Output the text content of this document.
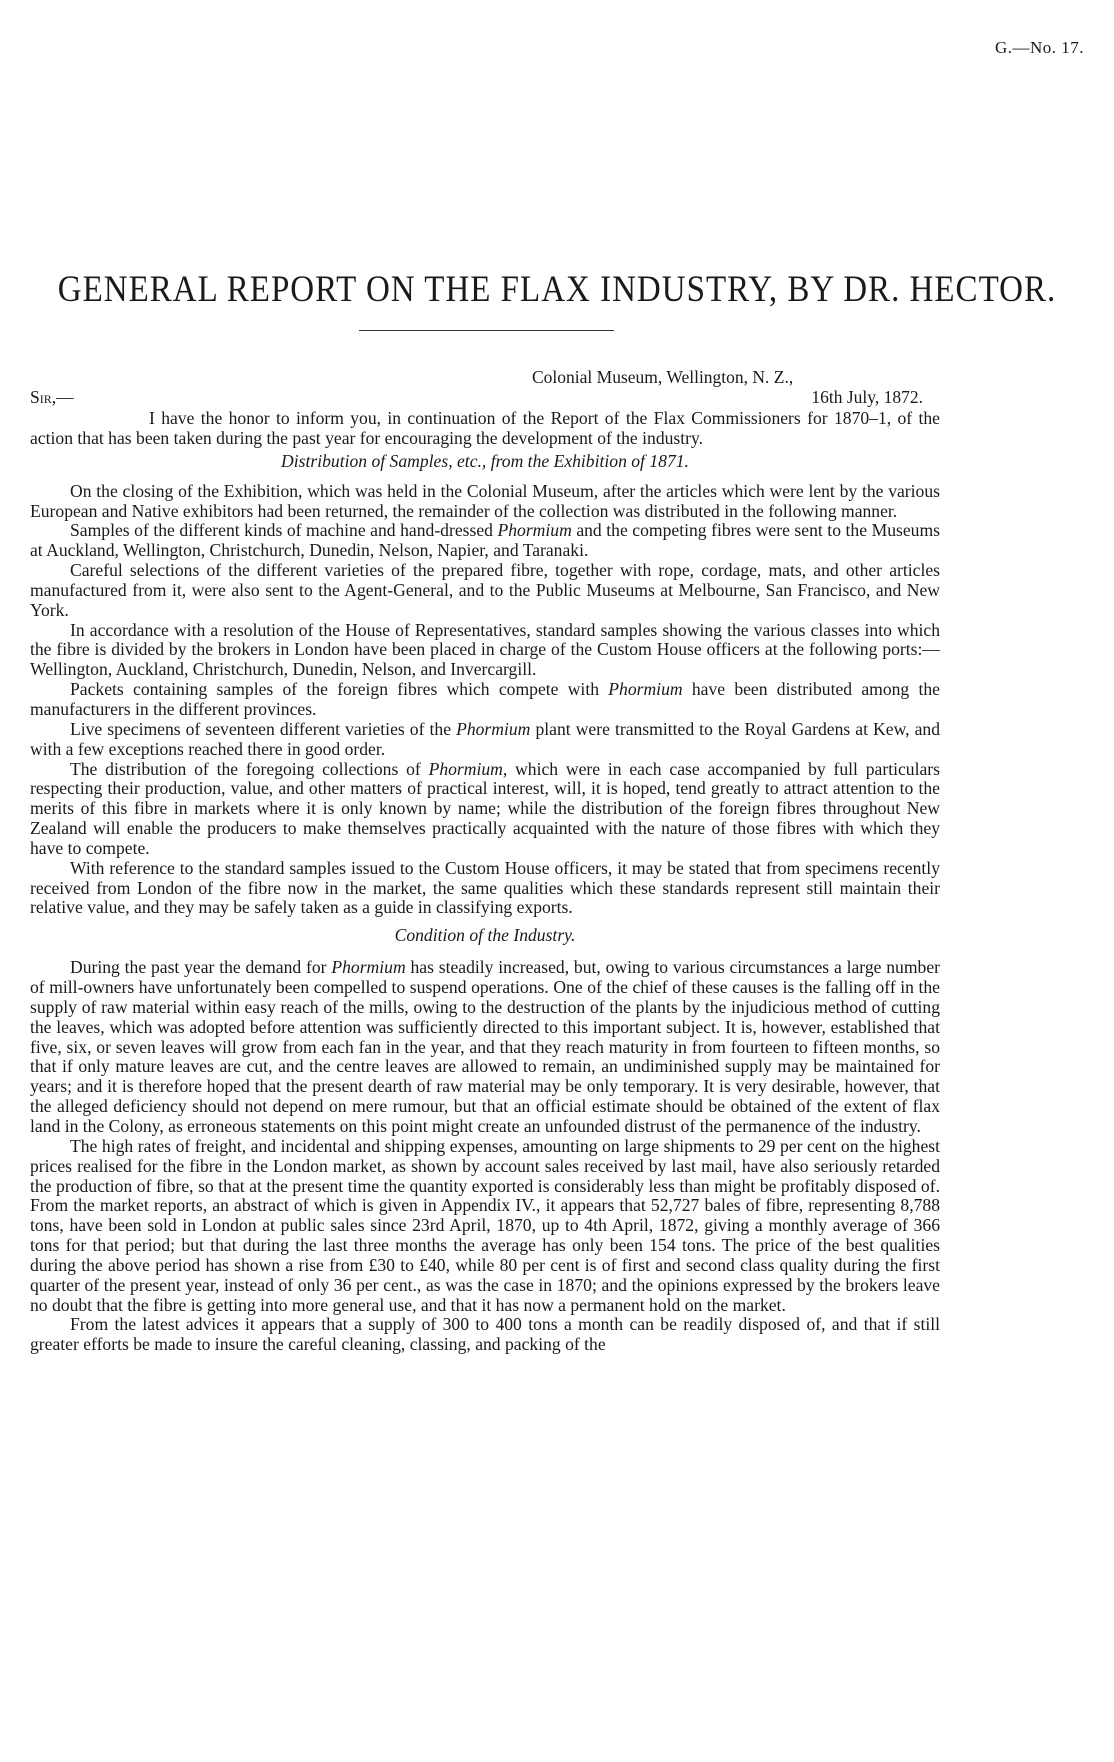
G.—No. 17.
GENERAL REPORT ON THE FLAX INDUSTRY, BY DR. HECTOR.
Colonial Museum, Wellington, N. Z.,
16th July, 1872.
Sir,—

I have the honor to inform you, in continuation of the Report of the Flax Commissioners for 1870–1, of the action that has been taken during the past year for encouraging the development of the industry.

Distribution of Samples, etc., from the Exhibition of 1871.

On the closing of the Exhibition, which was held in the Colonial Museum, after the articles which were lent by the various European and Native exhibitors had been returned, the remainder of the collection was distributed in the following manner.

Samples of the different kinds of machine and hand-dressed Phormium and the competing fibres were sent to the Museums at Auckland, Wellington, Christchurch, Dunedin, Nelson, Napier, and Taranaki.

Careful selections of the different varieties of the prepared fibre, together with rope, cordage, mats, and other articles manufactured from it, were also sent to the Agent-General, and to the Public Museums at Melbourne, San Francisco, and New York.

In accordance with a resolution of the House of Representatives, standard samples showing the various classes into which the fibre is divided by the brokers in London have been placed in charge of the Custom House officers at the following ports:—Wellington, Auckland, Christchurch, Dunedin, Nelson, and Invercargill.

Packets containing samples of the foreign fibres which compete with Phormium have been distributed among the manufacturers in the different provinces.

Live specimens of seventeen different varieties of the Phormium plant were transmitted to the Royal Gardens at Kew, and with a few exceptions reached there in good order.

The distribution of the foregoing collections of Phormium, which were in each case accompanied by full particulars respecting their production, value, and other matters of practical interest, will, it is hoped, tend greatly to attract attention to the merits of this fibre in markets where it is only known by name; while the distribution of the foreign fibres throughout New Zealand will enable the producers to make themselves practically acquainted with the nature of those fibres with which they have to compete.

With reference to the standard samples issued to the Custom House officers, it may be stated that from specimens recently received from London of the fibre now in the market, the same qualities which these standards represent still maintain their relative value, and they may be safely taken as a guide in classifying exports.

Condition of the Industry.

During the past year the demand for Phormium has steadily increased, but, owing to various circumstances a large number of mill-owners have unfortunately been compelled to suspend operations. One of the chief of these causes is the falling off in the supply of raw material within easy reach of the mills, owing to the destruction of the plants by the injudicious method of cutting the leaves, which was adopted before attention was sufficiently directed to this important subject. It is, however, established that five, six, or seven leaves will grow from each fan in the year, and that they reach maturity in from fourteen to fifteen months, so that if only mature leaves are cut, and the centre leaves are allowed to remain, an undiminished supply may be maintained for years; and it is therefore hoped that the present dearth of raw material may be only temporary. It is very desirable, however, that the alleged deficiency should not depend on mere rumour, but that an official estimate should be obtained of the extent of flax land in the Colony, as erroneous statements on this point might create an unfounded distrust of the permanence of the industry.

The high rates of freight, and incidental and shipping expenses, amounting on large shipments to 29 per cent on the highest prices realised for the fibre in the London market, as shown by account sales received by last mail, have also seriously retarded the production of fibre, so that at the present time the quantity exported is considerably less than might be profitably disposed of. From the market reports, an abstract of which is given in Appendix IV., it appears that 52,727 bales of fibre, representing 8,788 tons, have been sold in London at public sales since 23rd April, 1870, up to 4th April, 1872, giving a monthly average of 366 tons for that period; but that during the last three months the average has only been 154 tons. The price of the best qualities during the above period has shown a rise from £30 to £40, while 80 per cent is of first and second class quality during the first quarter of the present year, instead of only 36 per cent., as was the case in 1870; and the opinions expressed by the brokers leave no doubt that the fibre is getting into more general use, and that it has now a permanent hold on the market.

From the latest advices it appears that a supply of 300 to 400 tons a month can be readily disposed of, and that if still greater efforts be made to insure the careful cleaning, classing, and packing of the
